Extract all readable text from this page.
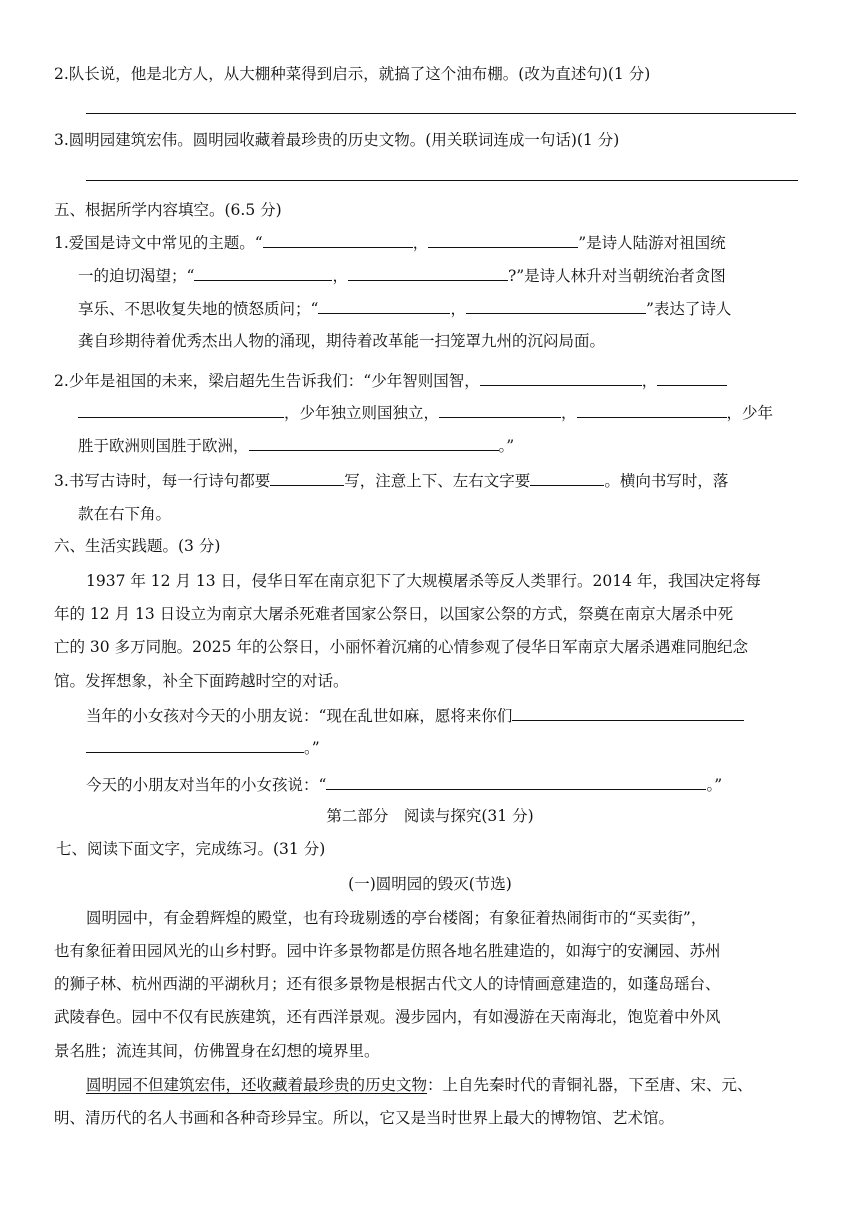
2.队长说，他是北方人，从大棚种菜得到启示，就搞了这个油布棚。(改为直述句)(1 分)
3.圆明园建筑宏伟。圆明园收藏着最珍贵的历史文物。(用关联词连成一句话)(1 分)
五、根据所学内容填空。(6.5 分)
1.爱国是诗文中常见的主题。“	，	”是诗人陆游对祖国统
一的迫切渴望；“	，	?”是诗人林升对当朝统治者贪图
享乐、不思收复失地的愤怒质问；“	，	”表达了诗人
龚自珍期待着优秀杰出人物的涌现，期待着改革能一扫笼罩九州的沉闷局面。
2.少年是祖国的未来，梁启超先生告诉我们：“少年智则国智，	，
，少年独立则国独立，	，	，少年
胜于欧洲则国胜于欧洲，	。”
3.书写古诗时，每一行诗句都要	写，注意上下、左右文字要	。横向书写时，落
款在右下角。
六、生活实践题。(3 分)
1937 年 12 月 13 日，侵华日军在南京犯下了大规模屠杀等反人类罪行。2014 年，我国决定将每
年的 12 月 13 日设立为南京大屠杀死难者国家公祭日，以国家公祭的方式，祭奠在南京大屠杀中死
亡的 30 多万同胞。2025 年的公祭日，小丽怀着沉痛的心情参观了侵华日军南京大屠杀遇难同胞纪念
馆。发挥想象，补全下面跨越时空的对话。
当年的小女孩对今天的小朋友说：“现在乱世如麻，愿将来你们
。”
今天的小朋友对当年的小女孩说：“	。”
第二部分　阅读与探究(31 分)
七、阅读下面文字，完成练习。(31 分)
(一)圆明园的毁灭(节选)
圆明园中，有金碧辉煌的殿堂，也有玲珑剔透的亭台楼阁；有象征着热闹街市的“买卖街”，
也有象征着田园风光的山乡村野。园中许多景物都是仿照各地名胜建造的，如海宁的安澜园、苏州
的狮子林、杭州西湖的平湖秋月；还有很多景物是根据古代文人的诗情画意建造的，如蓬岛瑶台、
武陵春色。园中不仅有民族建筑，还有西洋景观。漫步园内，有如漫游在天南海北，饱览着中外风
景名胜；流连其间，仿佛置身在幻想的境界里。
圆明园不但建筑宏伟，还收藏着最珍贵的历史文物：上自先秦时代的青铜礼器，下至唐、宋、元、
明、清历代的名人书画和各种奇珍异宝。所以，它又是当时世界上最大的博物馆、艺术馆。
